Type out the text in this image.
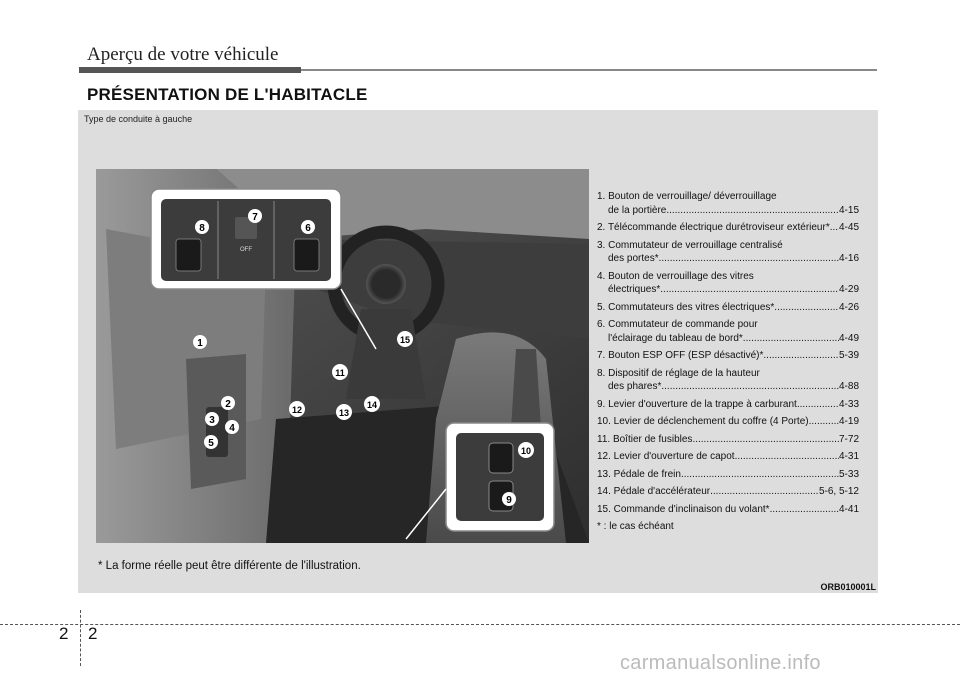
Aperçu de votre véhicule
PRÉSENTATION DE L'HABITACLE
Type de conduite à gauche
OFF
1
2
3
4
5
6
7
8
9
10
11
12	13
14
15
1. Bouton de verrouillage/ déverrouillage
de la portière .....	4-15
2. Télécommande électrique durétroviseur extérieur* ..... 4-45
3. Commutateur de verrouillage centralisé
des portes* .....	4-16
4. Bouton de verrouillage des vitres
électriques* .....	4-29
5. Commutateurs des vitres électriques* .....	4-26
6. Commutateur de commande pour
l'éclairage du tableau de bord* .....	4-49
7. Bouton ESP OFF (ESP désactivé)* .....	5-39
8. Dispositif de réglage de la hauteur
des phares* .....	4-88
9. Levier d'ouverture de la trappe à carburant .....	4-33
10. Levier de déclenchement du coffre (4 Porte) .....	4-19
11. Boîtier de fusibles .....	7-72
12. Levier d'ouverture de capot .....	4-31
13. Pédale de frein .....	5-33
14. Pédale d'accélérateur .....	5-6, 5-12
15. Commande d'inclinaison du volant* .....	4-41
* : le cas échéant
* La forme réelle peut être différente de l'illustration.
ORB010001L
2 2
carmanualsonline.info
